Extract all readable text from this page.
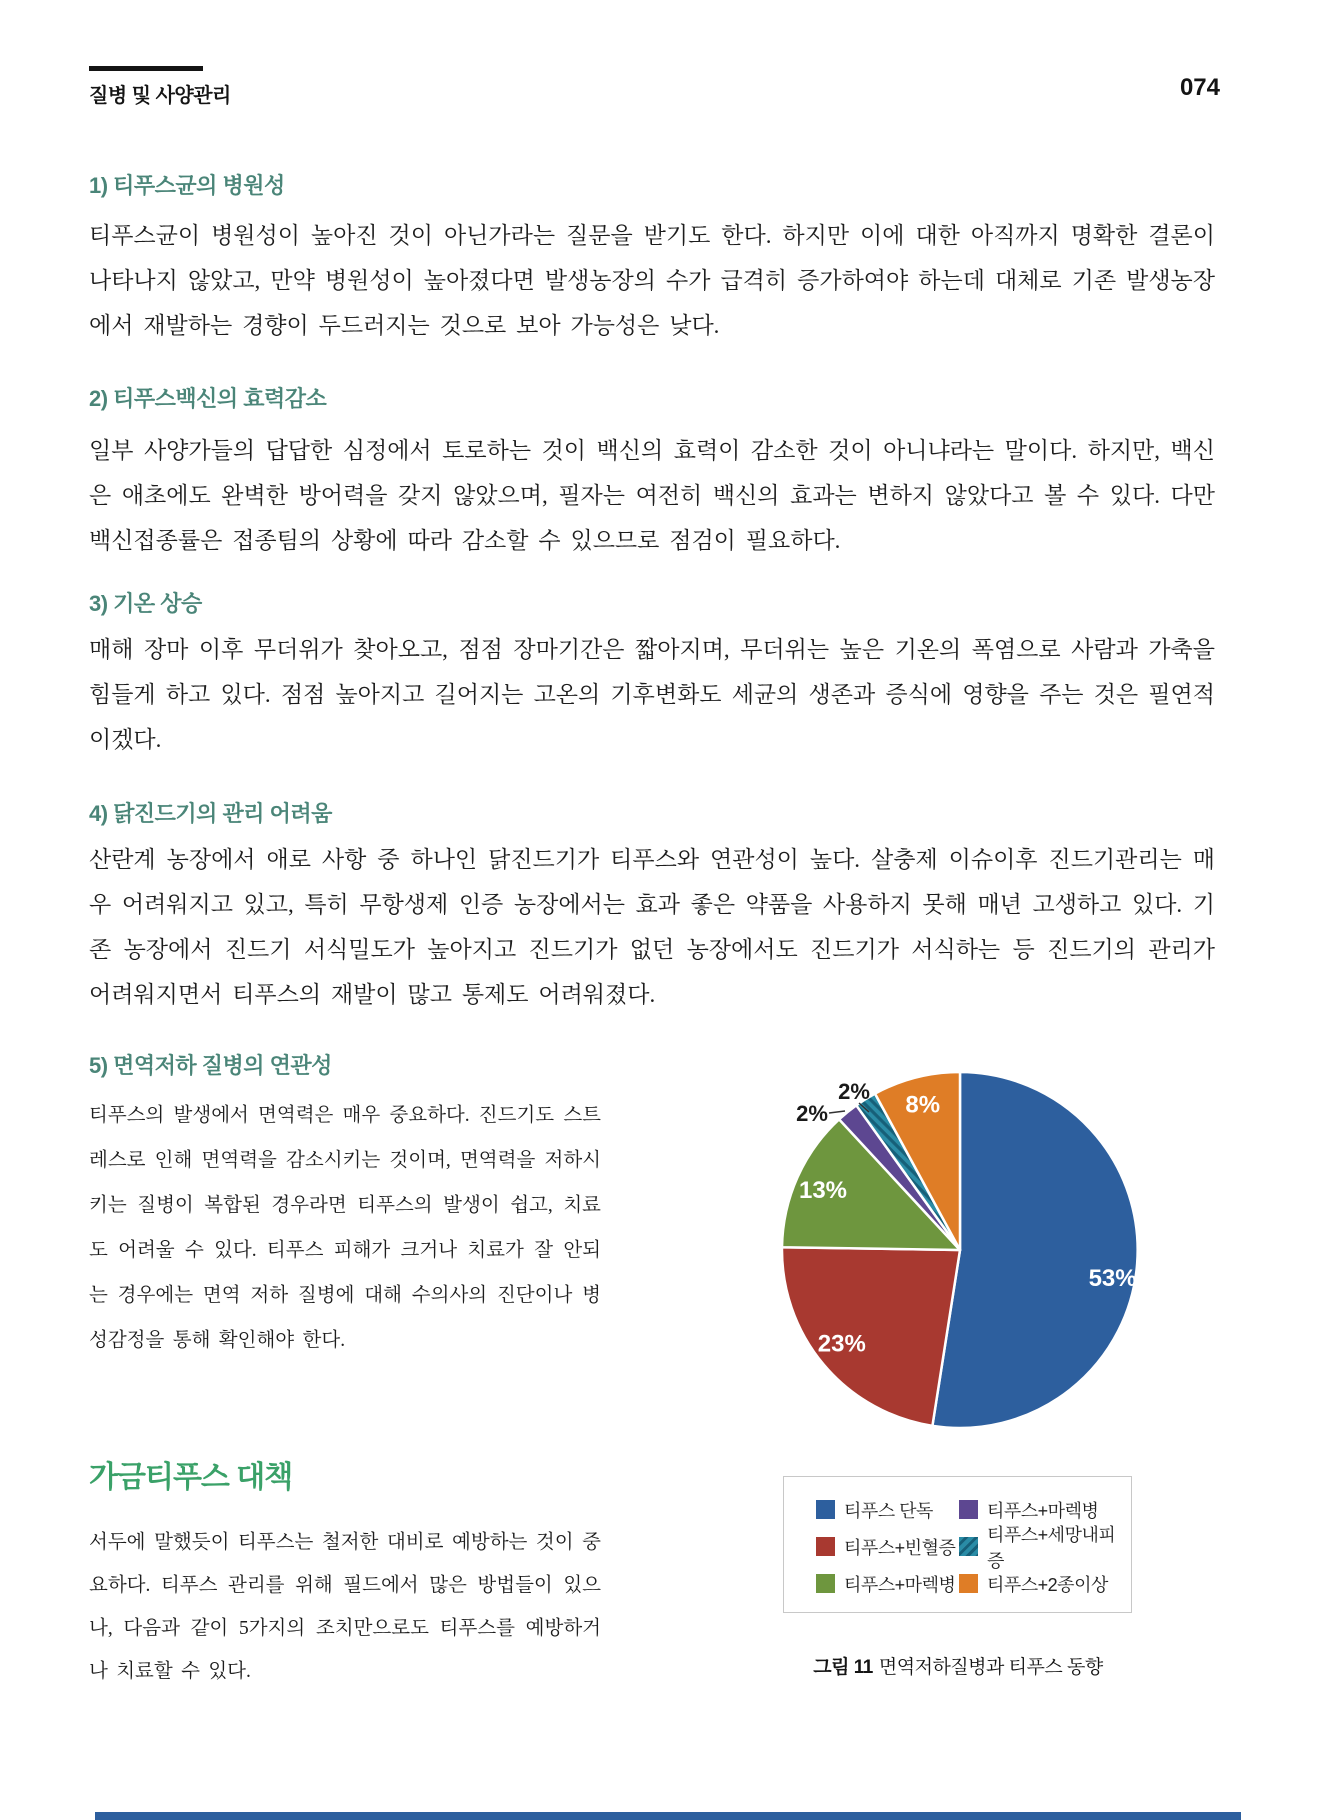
질병 및 사양관리	074
1) 티푸스균의 병원성

티푸스균이 병원성이 높아진 것이 아닌가라는 질문을 받기도 한다. 하지만 이에 대한 아직까지 명확한 결론이 나타나지 않았고, 만약 병원성이 높아졌다면 발생농장의 수가 급격히 증가하여야 하는데 대체로 기존 발생농장에서 재발하는 경향이 두드러지는 것으로 보아 가능성은 낮다.

2) 티푸스백신의 효력감소

일부 사양가들의 답답한 심정에서 토로하는 것이 백신의 효력이 감소한 것이 아니냐라는 말이다. 하지만, 백신은 애초에도 완벽한 방어력을 갖지 않았으며, 필자는 여전히 백신의 효과는 변하지 않았다고 볼 수 있다. 다만 백신접종률은 접종팀의 상황에 따라 감소할 수 있으므로 점검이 필요하다.

3) 기온 상승

매해 장마 이후 무더위가 찾아오고, 점점 장마기간은 짧아지며, 무더위는 높은 기온의 폭염으로 사람과 가축을 힘들게 하고 있다. 점점 높아지고 길어지는 고온의 기후변화도 세균의 생존과 증식에 영향을 주는 것은 필연적이겠다.

4) 닭진드기의 관리 어려움

산란계 농장에서 애로 사항 중 하나인 닭진드기가 티푸스와 연관성이 높다. 살충제 이슈이후 진드기관리는 매우 어려워지고 있고, 특히 무항생제 인증 농장에서는 효과 좋은 약품을 사용하지 못해 매년 고생하고 있다. 기존 농장에서 진드기 서식밀도가 높아지고 진드기가 없던 농장에서도 진드기가 서식하는 등 진드기의 관리가 어려워지면서 티푸스의 재발이 많고 통제도 어려워졌다.

5) 면역저하 질병의 연관성

티푸스의 발생에서 면역력은 매우 중요하다. 진드기도 스트레스로 인해 면역력을 감소시키는 것이며, 면역력을 저하시키는 질병이 복합된 경우라면 티푸스의 발생이 쉽고, 치료도 어려울 수 있다. 티푸스 피해가 크거나 치료가 잘 안되는 경우에는 면역 저하 질병에 대해 수의사의 진단이나 병성감정을 통해 확인해야 한다.

53%
23%
13%
2%
2%
8%
가금티푸스 대책

서두에 말했듯이 티푸스는 철저한 대비로 예방하는 것이 중요하다. 티푸스 관리를 위해 필드에서 많은 방법들이 있으나, 다음과 같이 5가지의 조치만으로도 티푸스를 예방하거나 치료할 수 있다.

티푸스 단독	티푸스+마렉병
티푸스+빈혈증
티푸스+세망내피증
티푸스+마렉병 티푸스+2종이상
그림 11 면역저하질병과 티푸스 동향
